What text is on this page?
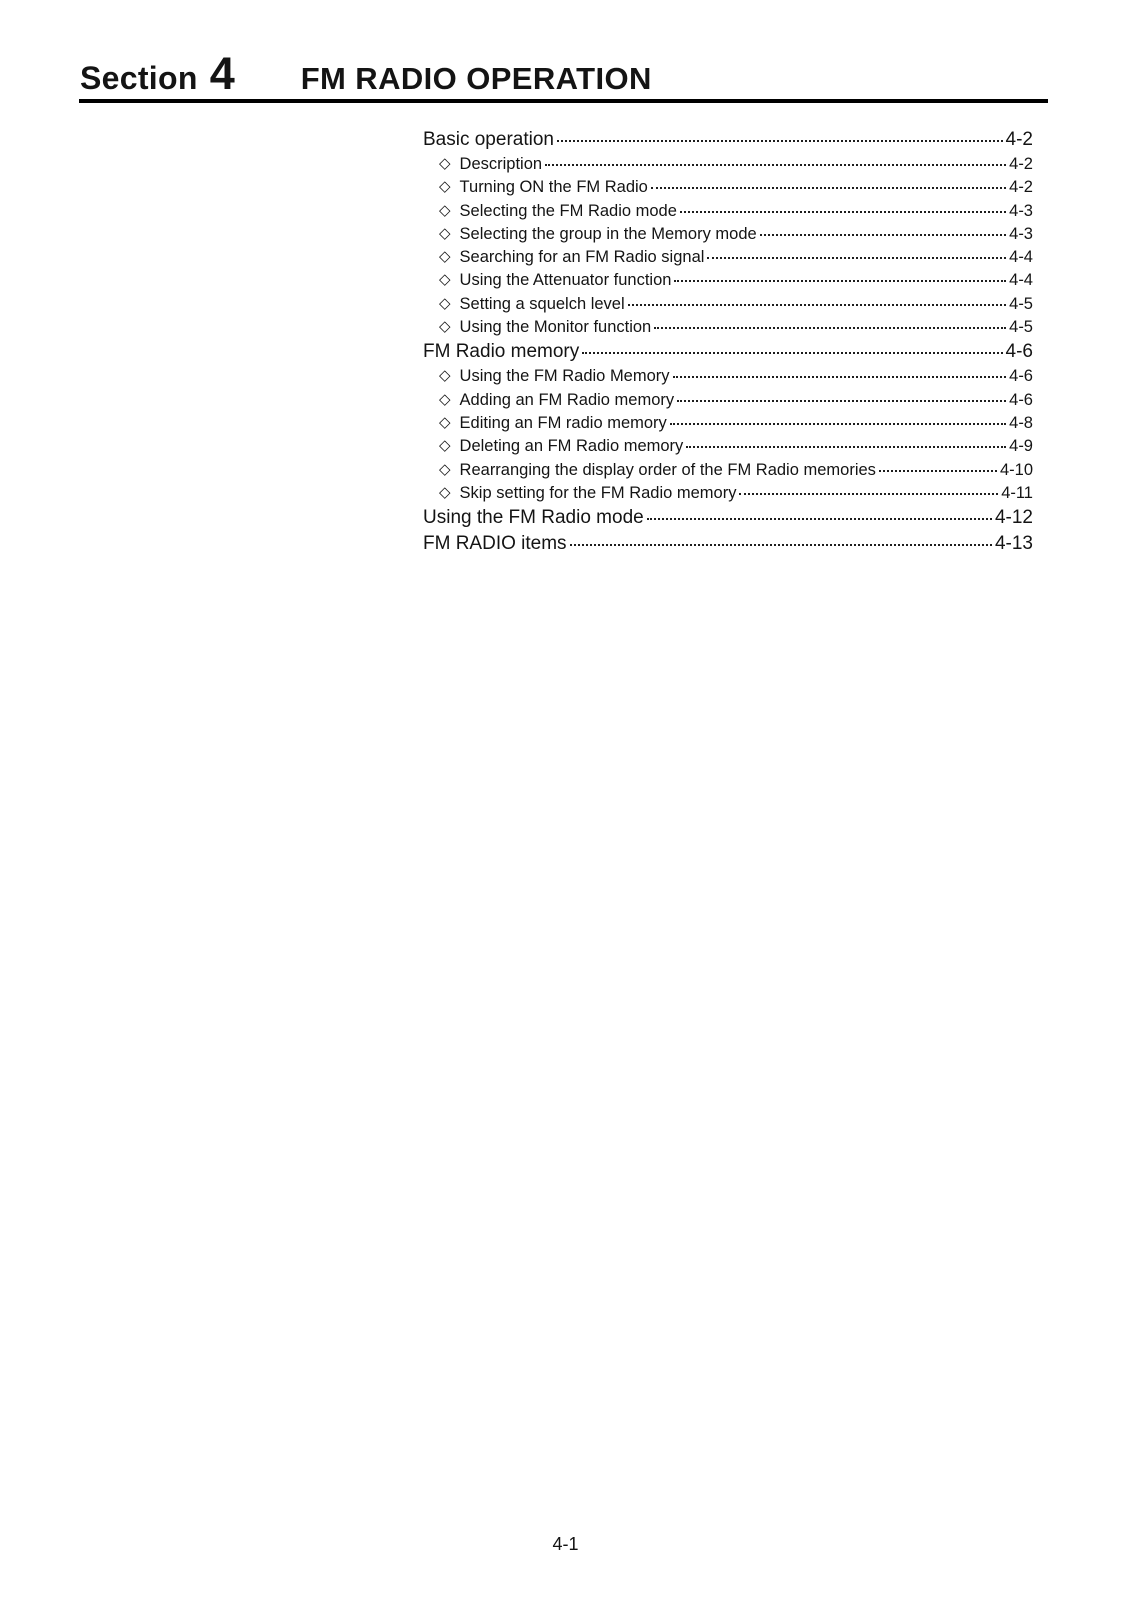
Section 4 FM RADIO OPERATION
Basic operation	4-2
◇ Description	4-2
◇ Turning ON the FM Radio	4-2
◇ Selecting the FM Radio mode	4-3
◇ Selecting the group in the Memory mode	4-3
◇ Searching for an FM Radio signal	4-4
◇ Using the Attenuator function	4-4
◇ Setting a squelch level	4-5
◇ Using the Monitor function	4-5
FM Radio memory	4-6
◇ Using the FM Radio Memory	4-6
◇ Adding an FM Radio memory	4-6
◇ Editing an FM radio memory	4-8
◇ Deleting an FM Radio memory	4-9
◇ Rearranging the display order of the FM Radio memories	4-10
◇ Skip setting for the FM Radio memory	4-11
Using the FM Radio mode	4-12
FM RADIO items	4-13
4-1
